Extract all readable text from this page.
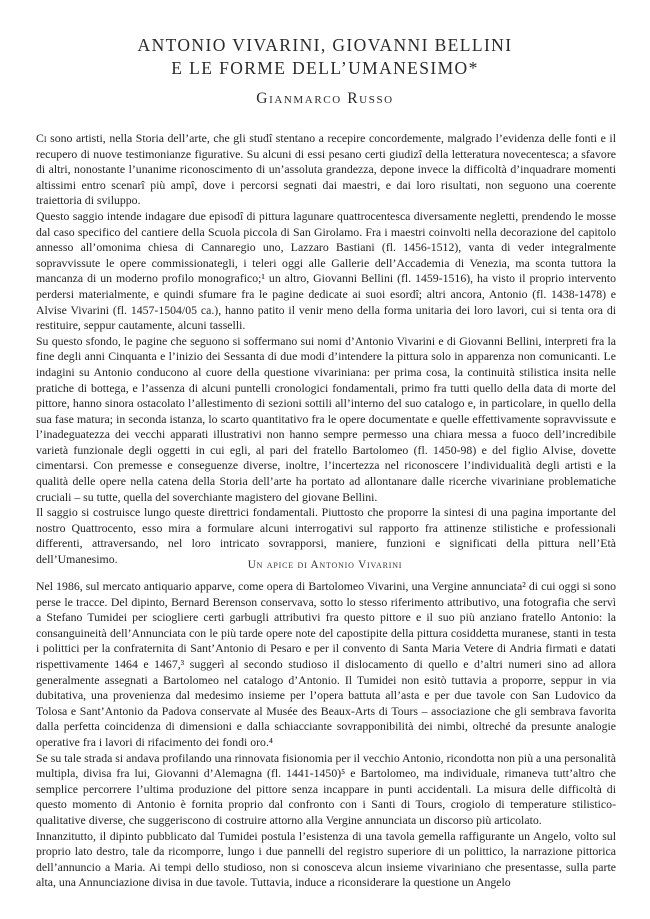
ANTONIO VIVARINI, GIOVANNI BELLINI
E LE FORME DELL’UMANESIMO*
Gianmarco Russo

Ci sono artisti, nella Storia dell’arte, che gli studî stentano a recepire concordemente, malgrado l’evidenza delle fonti e il recupero di nuove testimonianze figurative. Su alcuni di essi pesano certi giudizî della letteratura novecentesca; a sfavore di altri, nonostante l’unanime riconoscimento di un’assoluta grandezza, depone invece la difficoltà d’inquadrare momenti altissimi entro scenarî più ampî, dove i percorsi segnati dai maestri, e dai loro risultati, non seguono una coerente traiettoria di sviluppo.

Questo saggio intende indagare due episodî di pittura lagunare quattrocentesca diversamente negletti, prendendo le mosse dal caso specifico del cantiere della Scuola piccola di San Girolamo. Fra i maestri coinvolti nella decorazione del capitolo annesso all’omonima chiesa di Cannaregio uno, Lazzaro Bastiani (fl. 1456-1512), vanta di veder integralmente sopravvissute le opere commissionategli, i teleri oggi alle Gallerie dell’Accademia di Venezia, ma sconta tuttora la mancanza di un moderno profilo monografico;¹ un altro, Giovanni Bellini (fl. 1459-1516), ha visto il proprio intervento perdersi materialmente, e quindi sfumare fra le pagine dedicate ai suoi esordî; altri ancora, Antonio (fl. 1438-1478) e Alvise Vivarini (fl. 1457-1504/05 ca.), hanno patito il venir meno della forma unitaria dei loro lavori, cui si tenta ora di restituire, seppur cautamente, alcuni tasselli.

Su questo sfondo, le pagine che seguono si soffermano sui nomi d’Antonio Vivarini e di Giovanni Bellini, interpreti fra la fine degli anni Cinquanta e l’inizio dei Sessanta di due modi d’intendere la pittura solo in apparenza non comunicanti. Le indagini su Antonio conducono al cuore della questione vivariniana: per prima cosa, la continuità stilistica insita nelle pratiche di bottega, e l’assenza di alcuni puntelli cronologici fondamentali, primo fra tutti quello della data di morte del pittore, hanno sinora ostacolato l’allestimento di sezioni sottili all’interno del suo catalogo e, in particolare, in quello della sua fase matura; in seconda istanza, lo scarto quantitativo fra le opere documentate e quelle effettivamente sopravvissute e l’inadeguatezza dei vecchi apparati illustrativi non hanno sempre permesso una chiara messa a fuoco dell’incredibile varietà funzionale degli oggetti in cui egli, al pari del fratello Bartolomeo (fl. 1450-98) e del figlio Alvise, dovette cimentarsi. Con premesse e conseguenze diverse, inoltre, l’incertezza nel riconoscere l’individualità degli artisti e la qualità delle opere nella catena della Storia dell’arte ha portato ad allontanare dalle ricerche vivariniane problematiche cruciali – su tutte, quella del soverchiante magistero del giovane Bellini.

Il saggio si costruisce lungo queste direttrici fondamentali. Piuttosto che proporre la sintesi di una pagina importante del nostro Quattrocento, esso mira a formulare alcuni interrogativi sul rapporto fra attinenze stilistiche e professionali differenti, attraversando, nel loro intricato sovrapporsi, maniere, funzioni e significati della pittura nell’Età dell’Umanesimo.	Un apice di Antonio Vivarini

Nel 1986, sul mercato antiquario apparve, come opera di Bartolomeo Vivarini, una Vergine annunciata² di cui oggi si sono perse le tracce. Del dipinto, Bernard Berenson conservava, sotto lo stesso riferimento attributivo, una fotografia che servì a Stefano Tumidei per sciogliere certi garbugli attributivi fra questo pittore e il suo più anziano fratello Antonio: la consanguineità dell’Annunciata con le più tarde opere note del capostipite della pittura cosiddetta muranese, stanti in testa i polittici per la confraternita di Sant’Antonio di Pesaro e per il convento di Santa Maria Vetere di Andria firmati e datati rispettivamente 1464 e 1467,³ suggerì al secondo studioso il dislocamento di quello e d’altri numeri sino ad allora generalmente assegnati a Bartolomeo nel catalogo d’Antonio. Il Tumidei non esitò tuttavia a proporre, seppur in via dubitativa, una provenienza dal medesimo insieme per l’opera battuta all’asta e per due tavole con San Ludovico da Tolosa e Sant’Antonio da Padova conservate al Musée des Beaux-Arts di Tours – associazione che gli sembrava favorita dalla perfetta coincidenza di dimensioni e dalla schiacciante sovrapponibilità dei nimbi, oltreché da presunte analogie operative fra i lavori di rifacimento dei fondi oro.⁴

Se su tale strada si andava profilando una rinnovata fisionomia per il vecchio Antonio, ricondotta non più a una personalità multipla, divisa fra lui, Giovanni d’Alemagna (fl. 1441-1450)⁵ e Bartolomeo, ma individuale, rimaneva tutt’altro che semplice percorrere l’ultima produzione del pittore senza incappare in punti accidentali. La misura delle difficoltà di questo momento di Antonio è fornita proprio dal confronto con i Santi di Tours, crogiolo di temperature stilistico-qualitative diverse, che suggeriscono di costruire attorno alla Vergine annunciata un discorso più articolato.

Innanzitutto, il dipinto pubblicato dal Tumidei postula l’esistenza di una tavola gemella raffigurante un Angelo, volto sul proprio lato destro, tale da ricomporre, lungo i due pannelli del registro superiore di un polittico, la narrazione pittorica dell’annuncio a Maria. Ai tempi dello studioso, non si conosceva alcun insieme vivariniano che presentasse, sulla parte alta, una Annunciazione divisa in due tavole. Tuttavia, induce a riconsiderare la questione un Angelo
